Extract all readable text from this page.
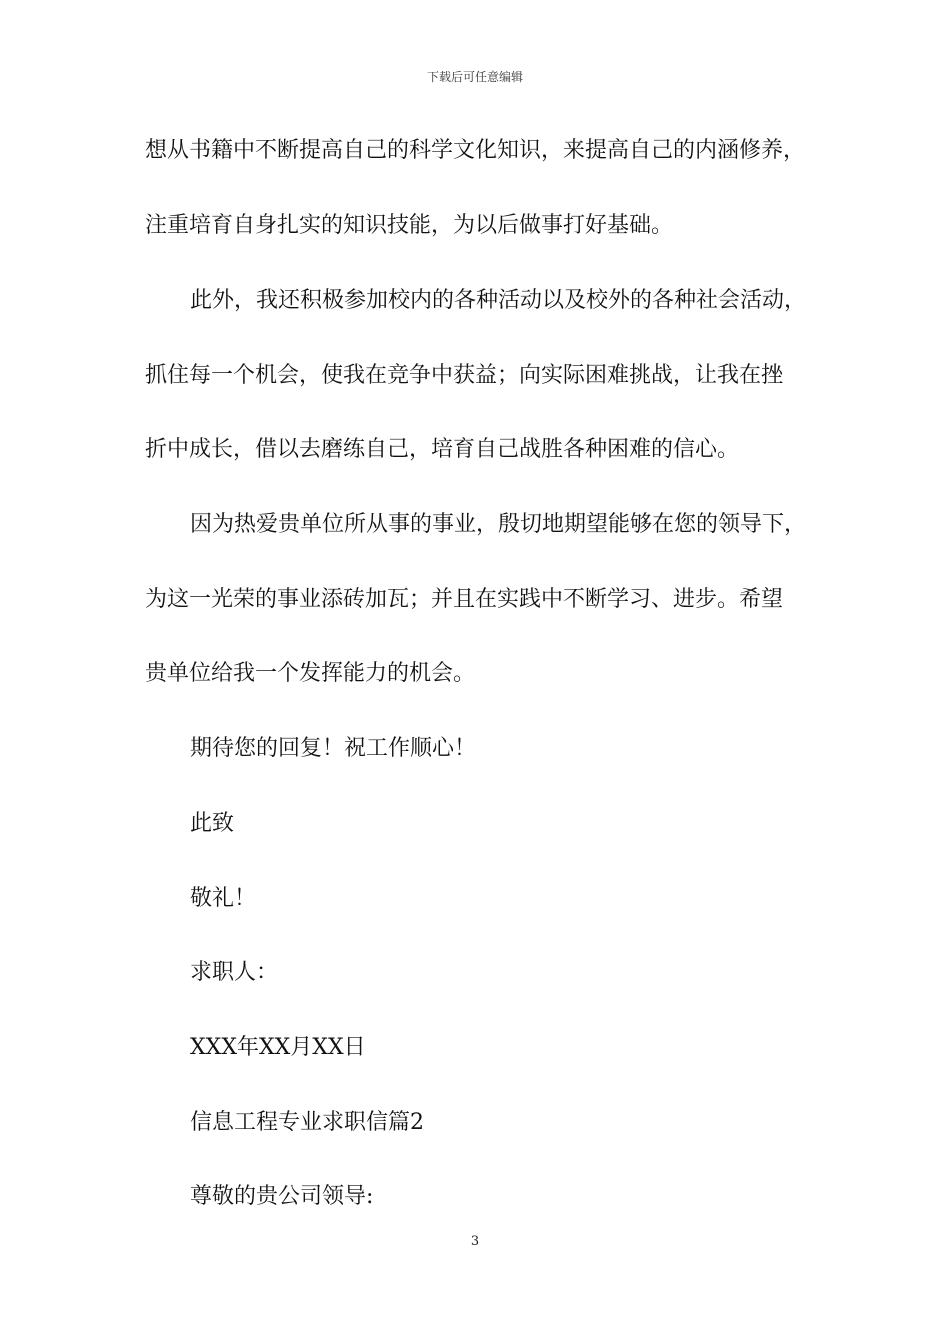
下载后可任意编辑
想从书籍中不断提高自己的科学文化知识，来提高自己的内涵修养，
注重培育自身扎实的知识技能，为以后做事打好基础。
此外，我还积极参加校内的各种活动以及校外的各种社会活动，
抓住每一个机会，使我在竞争中获益；向实际困难挑战，让我在挫
折中成长，借以去磨练自己，培育自己战胜各种困难的信心。
因为热爱贵单位所从事的事业，殷切地期望能够在您的领导下，
为这一光荣的事业添砖加瓦；并且在实践中不断学习、进步。希望
贵单位给我一个发挥能力的机会。
期待您的回复！祝工作顺心！
此致
敬礼！
求职人：
XXX年XX月XX日
信息工程专业求职信篇2
尊敬的贵公司领导:
3
